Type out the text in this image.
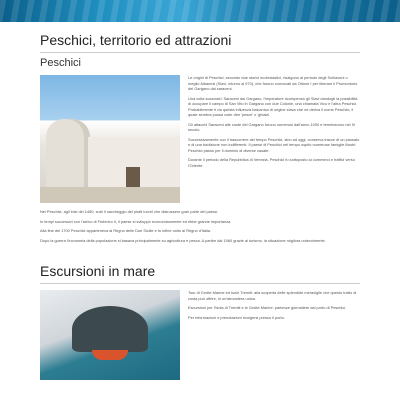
Peschici, territorio ed attrazioni
Peschici

Le origini di Peschici, secondo due storici ecclesiastici, risalgono al periodo degli Schiavoni o meglio Albanesi (Slavi, intorno al 970), che furono convocati da Ottone I per liberare il Promontorio del Gargano dai saraceni.

Una volta scacciati i Saraceni dal Gargano, l'imperatore ricompensò gli Slavi dandogli la possibilità di occupare il campo di San Vito in Gargano con due Colonie, una chiamata Vico e l'altra Peschici. Probabilmente è da questa influenza balcanica di origine slava che ne deriva il nome Peschici, il quale sembra possa voler dire 'pesce' o 'ghiaia'.

Gli attacchi Saraceni alle coste del Gargano furono numerosi dall'anno 1000 e terminarono nel IV secolo.

Successivamente con il trascorrere del tempo Peschici, sino ad oggi, conserva tracce di un passato e di una tradizione non indifferenti. Il paese di Peschici nel tempo ospitò numerose famiglie illustri. Peschici passò per il dominio di diverse casate.

Durante il periodo della Repubblica di Venezia, Peschici fu sottoposto ai commerci e traffici verso l'Oriente.

Nel Peschici, agli inizi del 1480, subì il saccheggio dei pirati turchi che distrussero gran parte del paese.

In tempi successivi con l'arrivo di Federico II, il paese si sviluppò economicamente ed ebbe grande importanza.

Alla fine del 1700 Peschici apparteneva al Regno delle Due Sicilie e fu infine unito al Regno d'Italia.

Dopo la guerra l'economia della popolazione si basava principalmente su agricoltura e pesca. A partire dal 1960 grazie al turismo, la situazione migliora notevolmente.

Escursioni in mare

Tour di Grotte Marine ed Isole Tremiti: alla scoperta delle splendide meraviglie che questo tratto di costa può offrire, in un'atmosfera unica.

Escursioni per l'Isola di Tremiti e le Grotte Marine: partenze giornaliere dal porto di Peschici.

Per informazioni e prenotazioni rivolgersi presso il porto.
